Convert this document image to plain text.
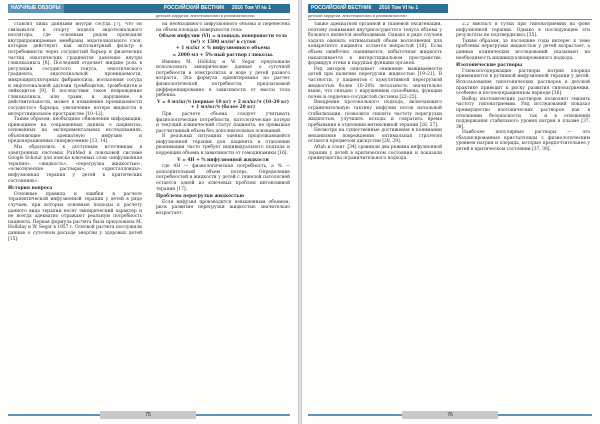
НАУЧНЫЕ ОБЗОРЫ	РОССИЙСКИЙ ВЕСТНИК 2016 Том VI № 1
детской хирургии, анестезиологии и реаниматологии

ставлял лишь данными внутри сосуда [7], что он связывался к спорту моделя эндотелиального изолятора, где основным рядом проводили внутрипроницаемые мембраны эндотелиального слоя, которые действуют как эксплантрный фильтр в потребовинсти через сосудистый барьер и физических частиц онкотических градиентов давление внутри гликокаликса [8]. Последний отделяет жидкие роль в регуляции сосудистого тонуса, онкотического градиента, эндотелиальной проницаемости, микроциркуляторных фибринолиза, воспаления сосуда и эндотелиальной адгезии тромбоцитов, тромбоцитов и лейкоцитов [9]. В последствии такое повреждение гликокаликса, или травм, и нарушение, в действительности, может в повышение проницаемости сосудистого барьера, увеличение потери жидкости в интерстициальное пространство [10–12].

Таким образом, необходимо обновление информации, приводимое на сокращенных данных о пациентах, основанных на экспериментальных исследованиях, объясняющие адекватную инфузию и предоперационных гиперволемию [13, 14].

Мы обратились к доступным источникам в электронных системах PubMed и поисковой системе Google Scholar для поиска ключевых слов «инфузионная терапия», «жидкость», «перегрузка жидкостью», «осмотические растворы», «кристаллоиды», инфузионная терапия у детей в критических состояниях».

История вопроса

Основные правила и ошибки в расчете терапевтической инфузионной терапии у детей в ряде случаев, при которых основные подходы к расчету данного вида терапии носят эмпирический характер и не всегда адекватно отражают реальную потребность пациента. Первая формула расчета была предложена M. Holliday и W. Segar в 1957 г. Основой расчета послужили данные о суточном расходе энергии у здоровых детей [15].

на необходимого инфузионного объема и перенесена на объем площадь поверхности тела:

Объем инфузии (Vl) = площадь поверхности тела (м²) × 1500 мл/м² в сутки

+ 1 мл/кг × % инфузионного объема

= 2000 мл + 5%-ный раствор глюкозы.

Именно M. Holliday и W. Segar предложили использовать эмпирические данные о суточной потребности в электролитах и воде у детей разного возраста. Эта формула ориентирована на расчет физиологической потребности, предлагаемой дифференцированно в зависимости от массы тела ребенка.

V = 4 мл/кг/ч (первые 10 кг) + 2 мл/кг/ч (10–20 кг) + 1 мл/кг/ч (более 20 кг)

При расчете объема следует учитывать физиологические потребности, патологические потери и текущий клинический статус пациента, не превышая рассчитанный объем без дополнительных оснований.

В реальных ситуациях оценка продолжающейся инфузионной терапии для пациента в отделении реанимации часто требует индивидуального подхода и коррекции объема в зависимости от гемодинамики [16].

V = 4Н + % инфузионной жидкости

где 4Н — физиологическая потребность, а % — дополнительный объем потерь. Определение потребностей в жидкости у детей с тяжелой патологией остается одной из ключевых проблем интенсивной терапии [17].

Проблема перегрузки жидкостью

Если инфузия производится повышенным объемом, риск развития перегрузки жидкостью значительно возрастает.

75
РОССИЙСКИЙ ВЕСТНИК 2016 Том VI № 1
детской хирургии, анестезиологии и реаниматологии

также адекватной органной и тканевой оксигенации, поэтому понимание внутрисосудистого тонуса объема у больного является необходимым. Однако в ряде случаев задача оценить оптимальный объем восполнения для конкретного пациента остается непростой [18]. Если объем ошибочно оценивается, избыточная жидкость накапливается в интерстициальном пространстве, формируя отеки и нарушая функции органов.

Ряд авторов описывает снижение выживаемости детей при наличии перегрузки жидкостью [19–21]. В частности, у пациентов с кумулятивной перегрузкой жидкостью более 10–20% летальность значительно выше, что связано с нарушением газообмена, функции почек и сердечно-сосудистой системы [22–25].

Внедрение протокольного подхода, включающего ограничительную тактику инфузии после начальной стабилизации, позволило снизить частоту перегрузки жидкостью, улучшить исходы и сократить время пребывания в отделении интенсивной терапии [26, 27].

Несмотря на существенные достижения в понимании механизмов повреждения, оптимальная стратегия остается предметом дискуссии [28, 29].

Aftab и соавт. [34] сравнили два режима инфузионной терапии у детей в критическом состоянии и показали преимущества ограничительного подхода.

2,2 ммоль/л в сутки при гипонатриемии на фоне инфузионной терапии. Однако в последующем эти результаты не подтвердились [35].

Таким образом, за последние годы интерес к теме проблемы перегрузки жидкостью у детей возрастает, а данные клинических исследований указывают на необходимость индивидуализированного подхода.

Изотонические растворы

Глюкозосодержащие растворы натрия хлорида применяются в рутинной инфузионной терапии у детей. Использование гипотонических растворов в детской практике приводит к риску развития гипонатриемии, особенно в послеоперационном периоде [36].

Выбор изотонических растворов позволяет снизить частоту гипонатриемии. Ряд исследований показал преимущество изотонических растворов как в отношении безопасности, так и в отношении поддержания стабильного уровня натрия в плазме [37, 38].

Наиболее популярные растворы — это сбалансированные кристаллоиды с физиологическим уровнем натрия и хлорида, которые предпочтительнее у детей в критическом состоянии [37, 38].

76
